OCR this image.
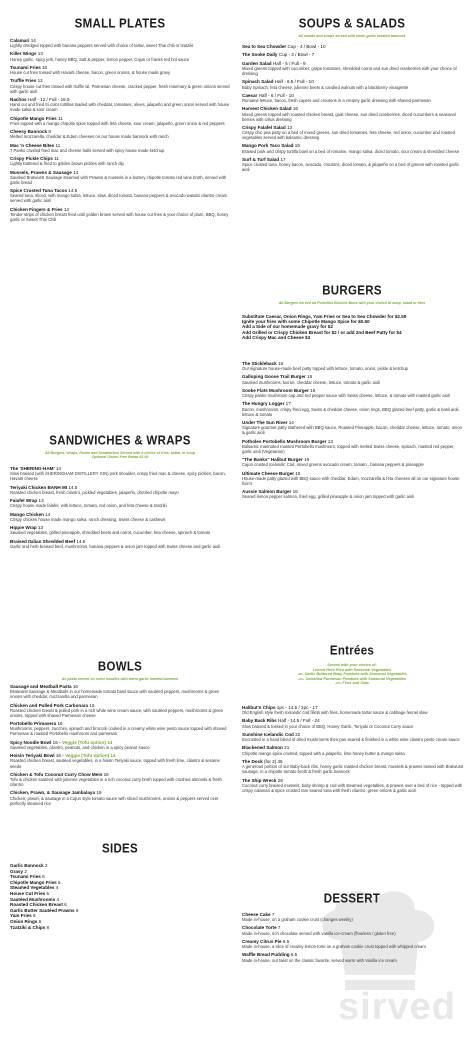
SMALL PLATES
Calamari 14
Lightly dredged topped with banana peppers served with choice of tartar, sweet Thai chili or tzatziki
Killer Wings 13
Honey garlic, spicy jerk, honey BBQ, Salt & pepper, lemon pepper, Cajun or franks red hot sauce
Tsunami Fries 10
House cut fries tossed with Havarti cheese, bacon, green onions, & house made gravy
Truffle Fries 12
Crispy house cut fries tossed with truffle oil, Parmesan cheese, cracked pepper, fresh rosemary & green onions served with garlic aioli
Nachos Half - 12 / Full - 16.5
Hand cut and fried tri color tortillas loaded with cheddar, tomatoes, olives, jalapeño and green onion served with house made salsa & sour cream
Chipotle Mango Fries 11
Fries topped with a mango chipotle spice topped with feta cheese, sour cream, jalapeño, green onion & red peppers
Cheesy Bannock 8
Melted mozzarella, cheddar & Edam cheeses on our house made bannock with ranch
Mac 'n Cheese Bites 11
7 Panko crusted fried mac and cheese balls served with spicy house made ketchup
Crispy Pickle Chips 11
Lightly battered & fried to golden brown pickles with ranch dip
Mussels, Prawns & Sausage 14
Sautéed Bratwurst Sausage steamed with Prawns & mussels in a buttery chipotle tomato red wine broth, served with garlic bread
Spice Crusted Tuna Tacos 14.5
Seared tuna, sliced, with mango salsa, lettuce, slaw, diced tomato, banana peppers & avocado wasabi cilantro cream served with garlic aioli
Chicken Fingers & Fries 14
Tender strips of chicken breast fried until golden brown served with house cut fries & your choice of plum, BBQ, honey garlic or Sweet Thai Chili
SANDWICHES & WRAPS
All Burgers, Wraps, Panini and Sandwiches Served with a choice of fries, salad, or soup
Optional Gluten Free Bread $1.00
The 'SHERING-HAM' 14
Slow braised (with SHERINGHAM DISTILLERY GIN) pork shoulder, crispy fried mac & cheese, spicy pickles, bacon, Havarti cheese
Teriyaki Chicken BANH MI 14.5
Roasted chicken breast, fresh cilantro, pickled vegetables, jalapeño, drizzled chipotle mayo
Falafel Wrap 13
Crispy house made falafel, with lettuce, tomato, red onion, and feta cheese & tzatziki
Mango Chicken 14
Crispy chicken house made mango salsa, ranch dressing, Swiss cheese & cashews
Hippie Wrap 13
Sautéed vegetables, grilled pineapple, shredded beets and carrot, cucumber, feta cheese, spinach & tomato
Braised Italian Shredded Beef 14.5
Garlic and herb braised beef, mushrooms, banana peppers & onion jam topped with Swiss cheese and garlic aioli
BOWLS
All pasta served on rotini noodles with warm garlic toasted bannock
Sausage and Meatball Pasta 16
Bratwurst Sausage & Meatballs in our homemade tomato basil sauce with sautéed peppers, mushrooms & green onions with cheddar, mozzarella and parmesan
Chicken and Pulled Pork Carbonara 16
Roasted chicken breast & pulled pork in a rich white wine cream sauce, with sautéed peppers, mushrooms & green onions, topped with shaved Parmesan cheese
Portobello Primavera 16
Mushrooms, peppers, zucchini, spinach and broccoli cooked in a creamy white wine pesto sauce topped with shaved Parmesan & roasted Portobello mushroom and parmesan
Spicy Noodle Bowl 16 - Veggie (Tofu option) 14
Sautéed vegetables, cilantro, peanuts, and chicken in a spicy peanut sauce
Hoisin Teriyaki Bowl 16 - Veggie (Tofu option) 14
Roasted chicken breast, sautéed vegetables, in a hoisin Teriyaki sauce, topped with fresh lime, cilantro & sesame seeds
Chicken & Tofu Coconut Curry Chow Mein 16
Tofu & chicken sautéed with julienne vegetables in a rich coconut curry broth topped with crushed almonds & fresh cilantro
Chicken, Prawn, & Sausage Jambalaya 19
Chicken, prawn, & sausage in a Cajun style tomato sauce with sliced mushrooms, onions & peppers served over perfectly steamed rice
SIDES
Garlic Bannock 2
Gravy 2
Tsunami Fries 6
Chipotle Mango Fries 6
Steamed Vegetables 4
House Cut Fries 5
Sautéed Mushrooms 4
Roasted Chicken Breast 6
Garlic Butter Sautéed Prawns 6
Yam Fries 6
Onion Rings 6
Tzatziki & Chips 8
SOUPS & SALADS
All salads and soups served with warm garlic toasted bannock
Sea to Sea Chowder Cup - 4 / Bowl - 10
The Sooke Daily Cup - 3 / Bowl - 7
Garden Salad Half - 5 / Full - 9
Mixed greens topped with cucumber, grape tomatoes, shredded carrot and sun dried cranberries with your choice of dressing
Spinach Salad Half - 6.5 / Full - 10
Baby Spinach, feta cheese, julienne beets & candied walnuts with a blackberry vinaigrette
Caesar Half - 6 / Full - 10
Romaine lettuce, bacon, fresh capers and croutons in a creamy garlic dressing with shaved parmesan
Harvest Chicken Salad 16
Mixed greens topped with roasted chicken breast, goat cheese, sun dried cranberries, diced cucumbers & seasonal berries with citrus dressing
Crispy Falafel Salad 13
Crispy chic pea patty on a bed of mixed greens, sun dried tomatoes, feta cheese, red onion, cucumber and roasted vegetables served with balsamic dressing
Mango Pork Taco Salad 15
Braised pork and crispy tortilla bowl on a bed of romaine, mango salsa, diced tomato, sour cream & shredded cheese
Surf & Turf Salad 17
Spice crusted tuna, honey bacon, avocado, croutons, diced tomato, & jalapeño on a bed of greens with roasted garlic aioli
BURGERS
All Burgers served on Portofino Brioche Buns with your choice of soup, salad or fries
Substitute Caesar, Onion Rings, Yam Fries or Sea to Sea Chowder for $2.50
Ignite your fries with some Chipotle Mango Spice for $0.50
Add a Side of our homemade gravy for $2
Add Grilled or Crispy Chicken Breast for $2 / or add 2nd Beef Patty for $4
Add Crispy Mac and Cheese $3
The Stickleback 16
Our signature house-made beef patty topped with lettuce, tomato, onion, pickle & ketchup
Galloping Goose Trail Burger 16
Sautéed mushrooms, bacon, cheddar cheese, lettuce, tomato & garlic aioli
Sooke Flats Mushroom Burger 16
Crispy panko mushroom cap and red pepper sauce with Swiss cheese, lettuce, & tomato with roasted garlic aioli
The Hungry Logger 17
Bacon, mushrooms, crispy fried egg, Swiss & cheddar cheese, onion rings, BBQ glazed beef patty, garlic & basil aioli, lettuce & tomato
Under The Sun River 14
Signature gourmet patty slathered with BBQ sauce, Roasted Pineapple, bacon, cheddar cheese, lettuce, tomato, onion & garlic aioli
Potholes Portobello Mushroom Burger 13
Balsamic marinated roasted Portobello mushroom, topped with melted Swiss cheese, spinach, roasted red pepper, garlic aioli (Vegetarian)
"The Banks" Halibut Burger 16
Cajun crusted Icelandic Cod, mixed greens avocado cream, tomato , banana peppers & pineapple
Ultimate Cheese Burger 16
House-made patty glazed with BBQ sauce with cheddar, Edam, mozzarella & feta cheeses all on our signature house fixin's
Aussie Salmon Burger 16
Seared lemon pepper salmon, fried egg, grilled pineapple & onion jam topped with garlic aioli
Entrées
Served with your choice of:
Lemon Herb Rice with Seasonal Vegetables
-or- Garlic Buttered Baby Potatoes with Seasonal Vegetables
-or- Smashed Parmesan Potatoes with Seasonal Vegetables
-or- Fries and Slaw
Halibut'n Chips 1pc - 14.5 / 2pc - 17
Old English style fresh Icelandic cod fillets with fries, homemade tartar sauce & cabbage fennel slaw
Baby Back Ribs Half - 14.5 / Full - 24
Slow braised & tossed in your choice of BBQ, Honey Garlic, Teriyaki or Coconut Curry sauce
Sunshine Icelandic Cod 22
Encrusted in a hand blend of dried mushrooms then pan seared & finished in a white wine cilantro pesto cream sauce
Blackened Salmon 21
Chipotle mango spice crusted, topped with a jalapeño, lime honey butter & mango salsa
The Dock (for 2) 45
A generous portion of our Baby-back ribs, honey garlic roasted chicken breast, mussels & prawns tossed with Bratwurst sausage, in a chipotle tomato broth & fresh garlic bannock
The Ship Wreck 29
Coconut curry braised mussels, baby shrimp & cod with steamed vegetables, & prawns over a bed of rice - topped with crispy calamari & spice crusted rare seared tuna with fresh cilantro, green onions & garlic aioli
DESSERT
Cheese Cake 7
Made in-house, on a graham cookie crust (changes weekly)
Chocolate Torte 7
Made in-house, rich chocolate served with vanilla ice-cream (flourless / gluten free)
Creamy Citrus Pie 6.5
Made in-house, a slice of creamy lemon torte on a graham cookie crust topped with whipped cream
Waffle Bread Pudding 6.5
Made in-house, our twist on the classic favorite, served warm with Vanilla ice cream
sirved
